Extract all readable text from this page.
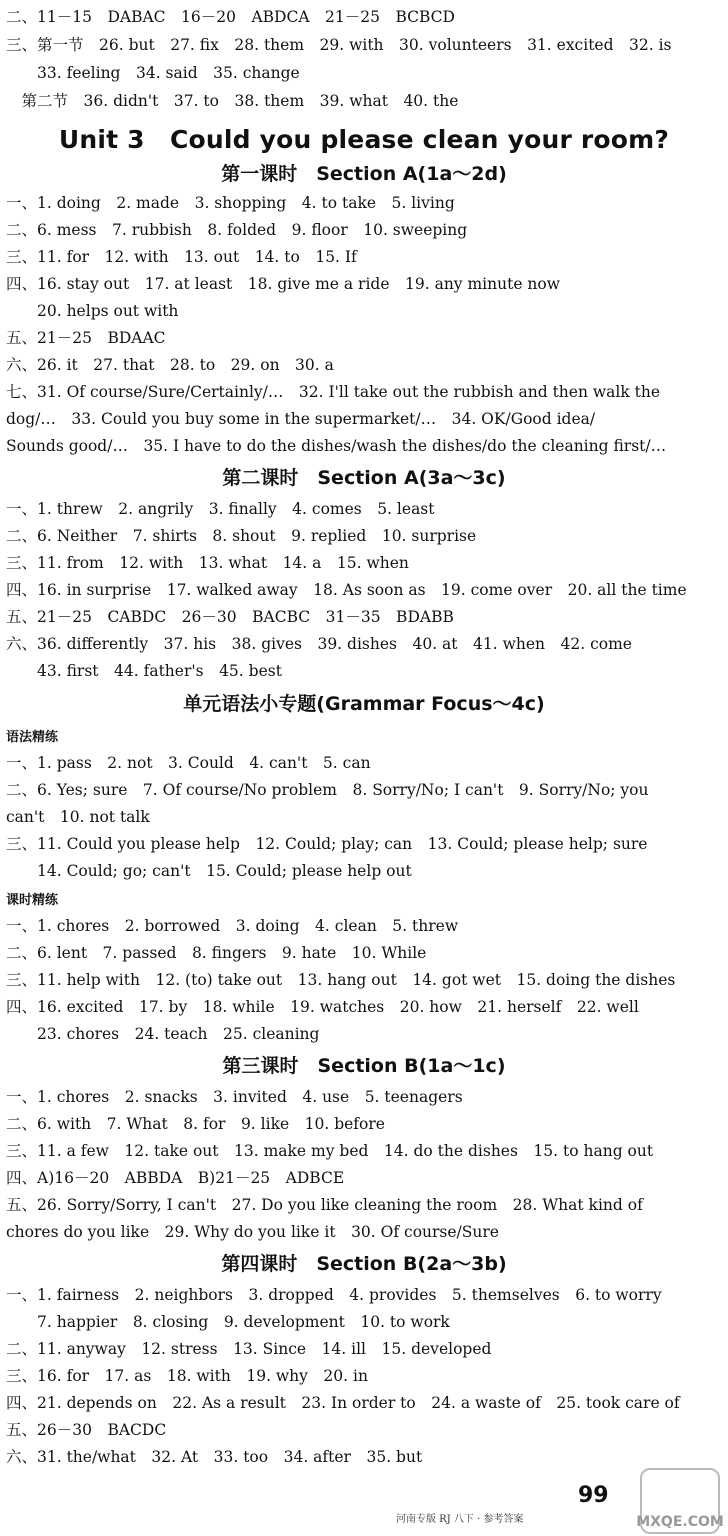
二、11－15　DABAC　16－20　ABDCA　21－25　BCBCD
三、第一节　26. but　27. fix　28. them　29. with　30. volunteers　31. excited　32. is
　　33. feeling　34. said　35. change
　第二节　36. didn't　37. to　38. them　39. what　40. the
Unit 3　Could you please clean your room?
第一课时　Section A(1a～2d)
一、1. doing　2. made　3. shopping　4. to take　5. living
二、6. mess　7. rubbish　8. folded　9. floor　10. sweeping
三、11. for　12. with　13. out　14. to　15. If
四、16. stay out　17. at least　18. give me a ride　19. any minute now
　　20. helps out with
五、21－25　BDAAC
六、26. it　27. that　28. to　29. on　30. a
七、31. Of course/Sure/Certainly/…　32. I'll take out the rubbish and then walk the
dog/…　33. Could you buy some in the supermarket/…　34. OK/Good idea/
Sounds good/…　35. I have to do the dishes/wash the dishes/do the cleaning first/…
第二课时　Section A(3a～3c)
一、1. threw　2. angrily　3. finally　4. comes　5. least
二、6. Neither　7. shirts　8. shout　9. replied　10. surprise
三、11. from　12. with　13. what　14. a　15. when
四、16. in surprise　17. walked away　18. As soon as　19. come over　20. all the time
五、21－25　CABDC　26－30　BACBC　31－35　BDABB
六、36. differently　37. his　38. gives　39. dishes　40. at　41. when　42. come
　　43. first　44. father's　45. best
单元语法小专题(Grammar Focus～4c)
语法精练
一、1. pass　2. not　3. Could　4. can't　5. can
二、6. Yes; sure　7. Of course/No problem　8. Sorry/No; I can't　9. Sorry/No; you
can't　10. not talk
三、11. Could you please help　12. Could; play; can　13. Could; please help; sure
　　14. Could; go; can't　15. Could; please help out
课时精练
一、1. chores　2. borrowed　3. doing　4. clean　5. threw
二、6. lent　7. passed　8. fingers　9. hate　10. While
三、11. help with　12. (to) take out　13. hang out　14. got wet　15. doing the dishes
四、16. excited　17. by　18. while　19. watches　20. how　21. herself　22. well
　　23. chores　24. teach　25. cleaning
第三课时　Section B(1a～1c)
一、1. chores　2. snacks　3. invited　4. use　5. teenagers
二、6. with　7. What　8. for　9. like　10. before
三、11. a few　12. take out　13. make my bed　14. do the dishes　15. to hang out
四、A)16－20　ABBDA　B)21－25　ADBCE
五、26. Sorry/Sorry, I can't　27. Do you like cleaning the room　28. What kind of
chores do you like　29. Why do you like it　30. Of course/Sure
第四课时　Section B(2a～3b)
一、1. fairness　2. neighbors　3. dropped　4. provides　5. themselves　6. to worry
　　7. happier　8. closing　9. development　10. to work
二、11. anyway　12. stress　13. Since　14. ill　15. developed
三、16. for　17. as　18. with　19. why　20. in
四、21. depends on　22. As a result　23. In order to　24. a waste of　25. took care of
五、26－30　BACDC
六、31. the/what　32. At　33. too　34. after　35. but
99
河南专版 RJ 八下 · 参考答案	MXQE.COM
